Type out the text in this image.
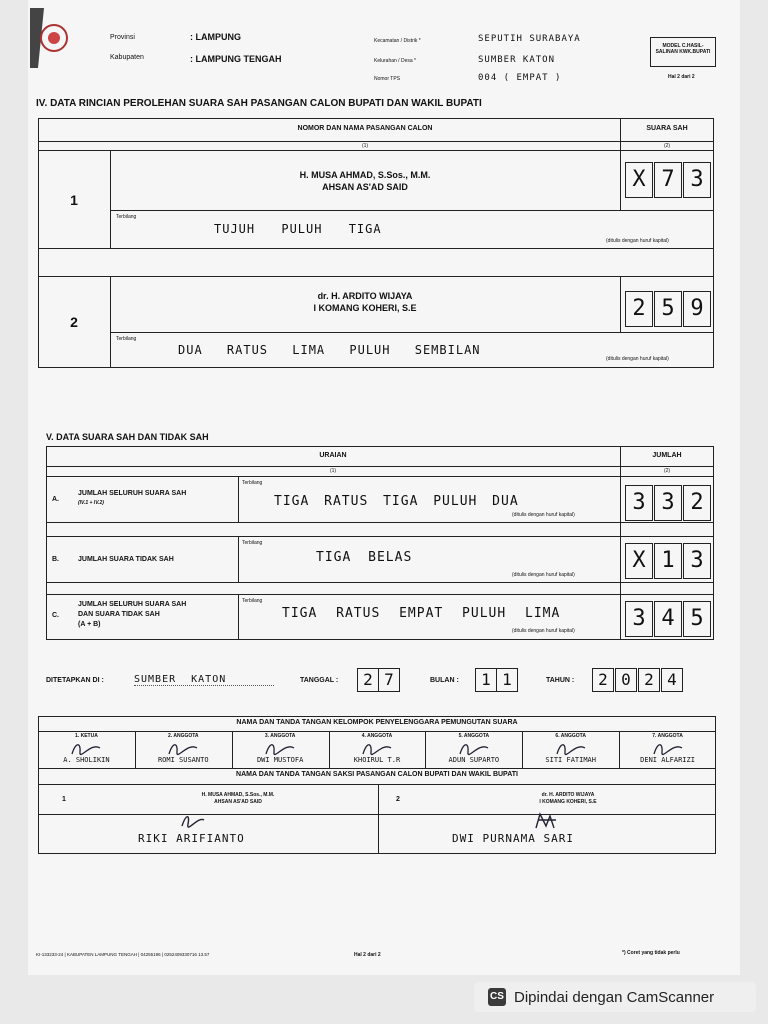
Provinsi	: LAMPUNG
Kabupaten	: LAMPUNG TENGAH
Kecamatan / Distrik *	SEPUTIH SURABAYA
Kelurahan / Desa *	SUMBER KATON
Nomor TPS	004 ( EMPAT )
MODEL C.HASIL-SALINAN KWK.BUPATI
Hal 2 dari 2
IV. DATA RINCIAN PEROLEHAN SUARA SAH PASANGAN CALON BUPATI DAN WAKIL BUPATI
NOMOR DAN NAMA PASANGAN CALON	SUARA SAH
(1)	(2)
1
H. MUSA AHMAD, S.Sos., M.M.
AHSAN AS'AD SAID	X 7 3
Terbilang
TUJUH PULUH TIGA
(ditulis dengan huruf kapital)
2
dr. H. ARDITO WIJAYA
I KOMANG KOHERI, S.E	2 5 9
Terbilang
DUA RATUS LIMA PULUH SEMBILAN
(ditulis dengan huruf kapital)
V. DATA SUARA SAH DAN TIDAK SAH
URAIAN	JUMLAH
(1)	(2)
A.
JUMLAH SELURUH SUARA SAH
(IV.1 + IV.2)
Terbilang
TIGA RATUS TIGA PULUH DUA
(ditulis dengan huruf kapital)	3 3 2
B.	JUMLAH SUARA TIDAK SAH
Terbilang
TIGA BELAS
(ditulis dengan huruf kapital)
X 1 3
C.
JUMLAH SELURUH SUARA SAH
DAN SUARA TIDAK SAH
(A + B)
Terbilang
TIGA RATUS EMPAT PULUH LIMA
(ditulis dengan huruf kapital)	3 4 5
DITETAPKAN DI :	SUMBER KATON	TANGGAL :	2 7	BULAN :	1 1	TAHUN :	2 0 2 4
NAMA DAN TANDA TANGAN KELOMPOK PENYELENGGARA PEMUNGUTAN SUARA
1. KETUA
A. SHOLIKIN
2. ANGGOTA
ROMI SUSANTO
3. ANGGOTA
DWI MUSTOFA
4. ANGGOTA
KHOIRUL T.R
5. ANGGOTA
ADUN SUPARTO
6. ANGGOTA
SITI FATIMAH
7. ANGGOTA
DENI ALFARIZI
NAMA DAN TANDA TANGAN SAKSI PASANGAN CALON BUPATI DAN WAKIL BUPATI
1
H. MUSA AHMAD, S.Sos., M.M.
AHSAN AS'AD SAID	2
dr. H. ARDITO WIJAYA
I KOMANG KOHERI, S.E
RIKI ARIFIANTO	DWI PURNAMA SARI
KI-133233-24 | KABUPATEN LAMPUNG TENGAH | 04255196 | 0252409330716 13.57	Hal 2 dari 2	*) Coret yang tidak perlu
CS Dipindai dengan CamScanner
